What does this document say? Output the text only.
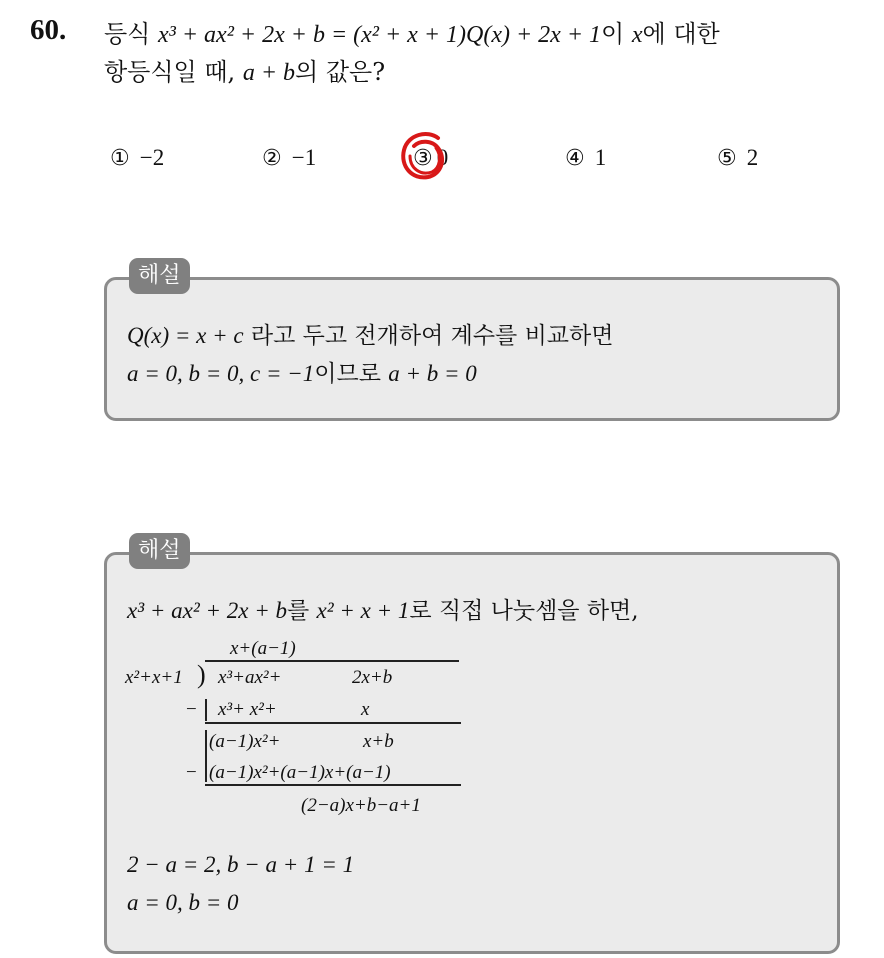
60. 등식 x³ + ax² + 2x + b = (x² + x + 1)Q(x) + 2x + 1이 x에 대한
항등식일 때, a + b의 값은?
① −2	② −1	③ 0	④ 1	⑤ 2
해설
Q(x) = x + c 라고 두고 전개하여 계수를 비교하면
a = 0, b = 0, c = −1이므로 a + b = 0
해설
x³ + ax² + 2x + b를 x² + x + 1로 직접 나눗셈을 하면,
x+(a−1)
x²+x+1 ) x³+ax²+	2x+b
− x³+ x²+	x
(a−1)x²+	x+b
− (a−1)x²+(a−1)x+(a−1)
(2−a)x+b−a+1
2 − a = 2, b − a + 1 = 1
a = 0, b = 0
